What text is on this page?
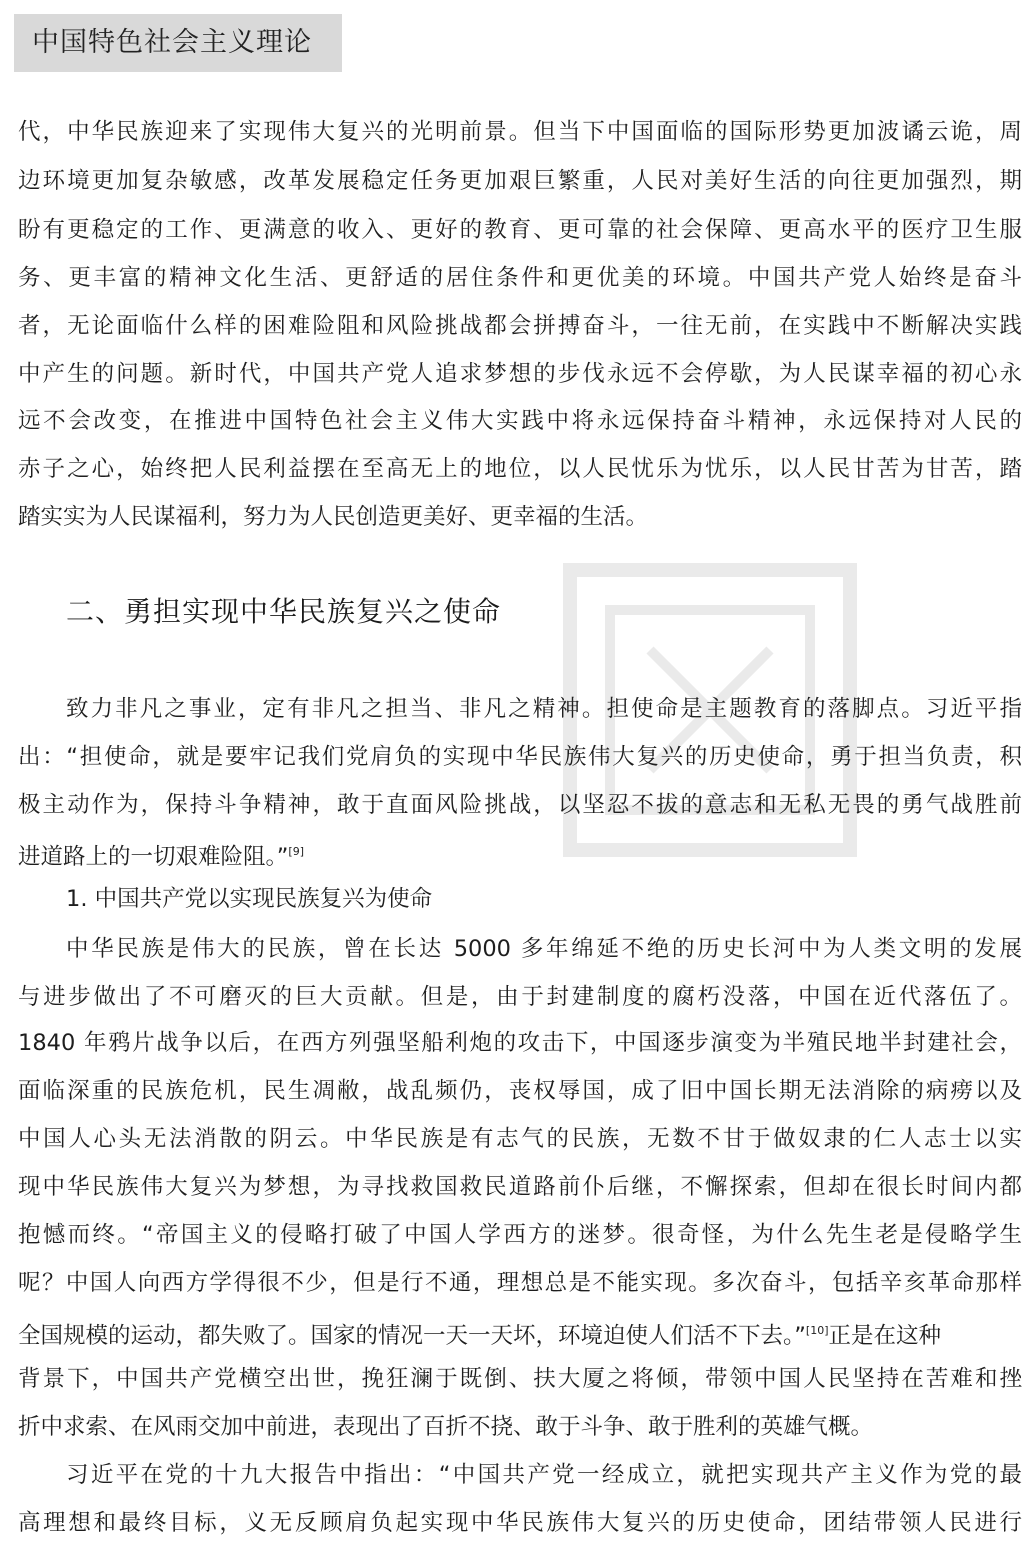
中国特色社会主义理论
代，中华民族迎来了实现伟大复兴的光明前景。但当下中国面临的国际形势更加波谲云诡，周
边环境更加复杂敏感，改革发展稳定任务更加艰巨繁重，人民对美好生活的向往更加强烈，期
盼有更稳定的工作、更满意的收入、更好的教育、更可靠的社会保障、更高水平的医疗卫生服
务、更丰富的精神文化生活、更舒适的居住条件和更优美的环境。中国共产党人始终是奋斗
者，无论面临什么样的困难险阻和风险挑战都会拼搏奋斗，一往无前，在实践中不断解决实践
中产生的问题。新时代，中国共产党人追求梦想的步伐永远不会停歇，为人民谋幸福的初心永
远不会改变，在推进中国特色社会主义伟大实践中将永远保持奋斗精神，永远保持对人民的
赤子之心，始终把人民利益摆在至高无上的地位，以人民忧乐为忧乐，以人民甘苦为甘苦，踏
踏实实为人民谋福利，努力为人民创造更美好、更幸福的生活。
二、勇担实现中华民族复兴之使命
致力非凡之事业，定有非凡之担当、非凡之精神。担使命是主题教育的落脚点。习近平指
出：“担使命，就是要牢记我们党肩负的实现中华民族伟大复兴的历史使命，勇于担当负责，积
极主动作为，保持斗争精神，敢于直面风险挑战，以坚忍不拔的意志和无私无畏的勇气战胜前
进道路上的一切艰难险阻。”[9]
1. 中国共产党以实现民族复兴为使命
中华民族是伟大的民族，曾在长达 5000 多年绵延不绝的历史长河中为人类文明的发展
与进步做出了不可磨灭的巨大贡献。但是，由于封建制度的腐朽没落，中国在近代落伍了。
1840 年鸦片战争以后，在西方列强坚船利炮的攻击下，中国逐步演变为半殖民地半封建社会，
面临深重的民族危机，民生凋敝，战乱频仍，丧权辱国，成了旧中国长期无法消除的病痨以及
中国人心头无法消散的阴云。中华民族是有志气的民族，无数不甘于做奴隶的仁人志士以实
现中华民族伟大复兴为梦想，为寻找救国救民道路前仆后继，不懈探索，但却在很长时间内都
抱憾而终。“帝国主义的侵略打破了中国人学西方的迷梦。很奇怪，为什么先生老是侵略学生
呢？中国人向西方学得很不少，但是行不通，理想总是不能实现。多次奋斗，包括辛亥革命那样
全国规模的运动，都失败了。国家的情况一天一天坏，环境迫使人们活不下去。”[10]正是在这种
背景下，中国共产党横空出世，挽狂澜于既倒、扶大厦之将倾，带领中国人民坚持在苦难和挫
折中求索、在风雨交加中前进，表现出了百折不挠、敢于斗争、敢于胜利的英雄气概。
习近平在党的十九大报告中指出：“中国共产党一经成立，就把实现共产主义作为党的最
高理想和最终目标，义无反顾肩负起实现中华民族伟大复兴的历史使命，团结带领人民进行
